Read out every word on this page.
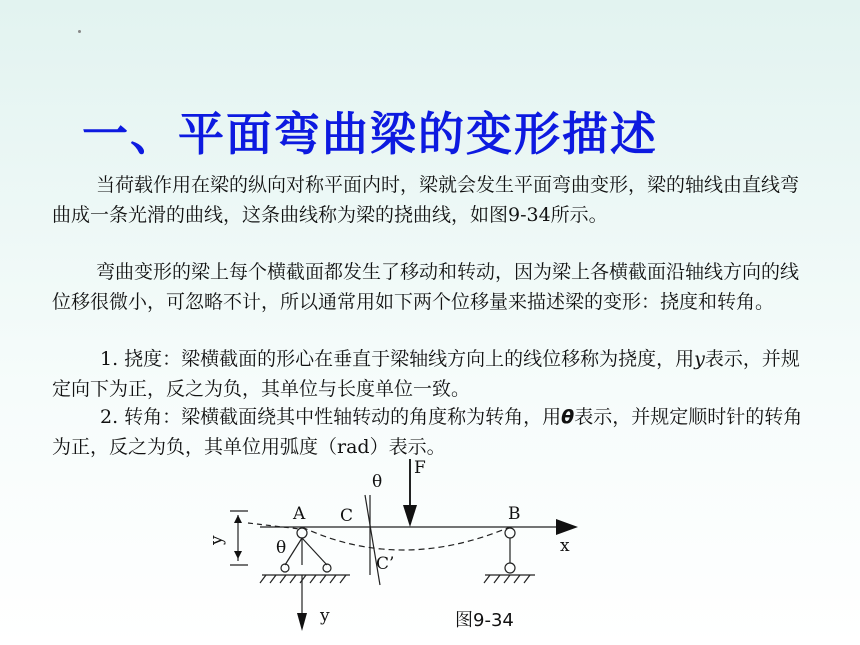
一、平面弯曲梁的变形描述
当荷载作用在梁的纵向对称平面内时，梁就会发生平面弯曲变形，梁的轴线由直线弯曲成一条光滑的曲线，这条曲线称为梁的挠曲线，如图9-34所示。
弯曲变形的梁上每个横截面都发生了移动和转动，因为梁上各横截面沿轴线方向的线位移很微小，可忽略不计，所以通常用如下两个位移量来描述梁的变形：挠度和转角。
1. 挠度：梁横截面的形心在垂直于梁轴线方向上的线位移称为挠度，用y表示，并规定向下为正，反之为负，其单位与长度单位一致。
2. 转角：梁横截面绕其中性轴转动的角度称为转角，用θ表示，并规定顺时针的转角为正，反之为负，其单位用弧度（rad）表示。
F
θ
A C	B
x
θ
C’
y
y
图9-34
